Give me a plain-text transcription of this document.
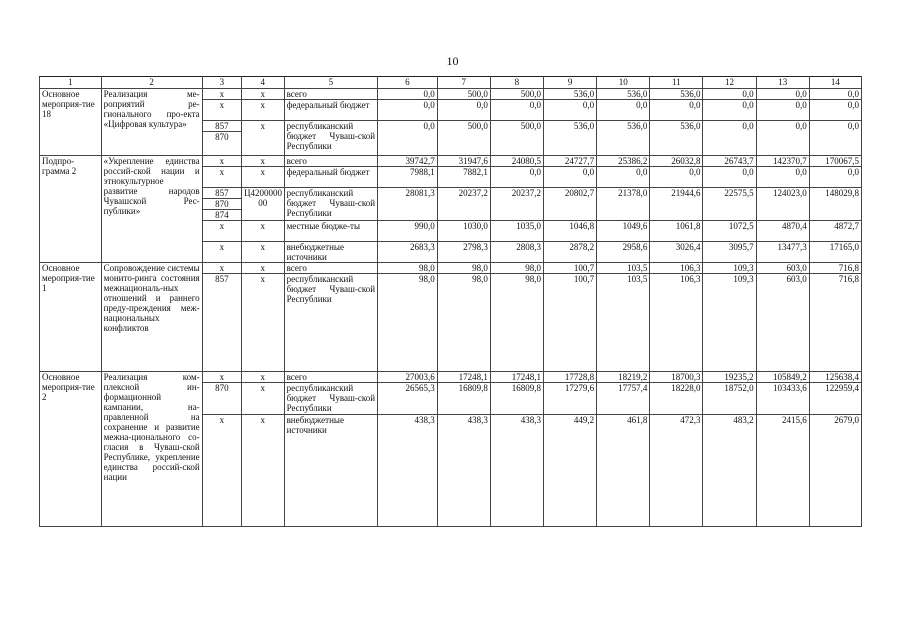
10
1	2	3	4	5	6	7	8	9	10	11	12	13	14
Основное мероприя-тие 18	Реализация ме-роприятий ре-гионального про-екта «Цифровая культура»	x	x	всего	0,0	500,0	500,0	536,0	536,0	536,0	0,0	0,0	0,0
		x	x	федеральный бюджет	0,0	0,0	0,0	0,0	0,0	0,0	0,0	0,0	0,0
		857	x	республиканский бюджет Чуваш-ской Республики	0,0	500,0	500,0	536,0	536,0	536,0	0,0	0,0	0,0
		870											
Подпро-грамма 2	«Укрепление единства россий-ской нации и этнокультурное развитие народов Чувашской Рес-публики»	x	x	всего	39742,7	31947,6	24080,5	24727,7	25386,2	26032,8	26743,7	142370,7	170067,5
		x	x	федеральный бюджет	7988,1	7882,1	0,0	0,0	0,0	0,0	0,0	0,0	0,0
		857	Ц4200000 00	республиканский бюджет Чуваш-ской Республики	28081,3	20237,2	20237,2	20802,7	21378,0	21944,6	22575,5	124023,0	148029,8
		870											
		874											
		x	x	местные бюдже-ты	990,0	1030,0	1035,0	1046,8	1049,6	1061,8	1072,5	4870,4	4872,7
		x	x	внебюджетные источники	2683,3	2798,3	2808,3	2878,2	2958,6	3026,4	3095,7	13477,3	17165,0
Основное мероприя-тие 1	Сопровождение системы монито-ринга состояния межнациональ-ных отношений и раннего преду-преждения меж-национальных конфликтов	x	x	всего	98,0	98,0	98,0	100,7	103,5	106,3	109,3	603,0	716,8
		857	x	республиканский бюджет Чуваш-ской Республики	98,0	98,0	98,0	100,7	103,5	106,3	109,3	603,0	716,8
Основное мероприя-тие 2	Реализация ком-плексной ин-формационной кампании, на-правленной на сохранение и развитие межна-ционального со-гласия в Чуваш-ской Республике, укрепление единства россий-ской нации	x	x	всего	27003,6	17248,1	17248,1	17728,8	18219,2	18700,3	19235,2	105849,2	125638,4
		870	x	республиканский бюджет Чуваш-ской Республики	26565,3	16809,8	16809,8	17279,6	17757,4	18228,0	18752,0	103433,6	122959,4
		x	x	внебюджетные источники	438,3	438,3	438,3	449,2	461,8	472,3	483,2	2415,6	2679,0
